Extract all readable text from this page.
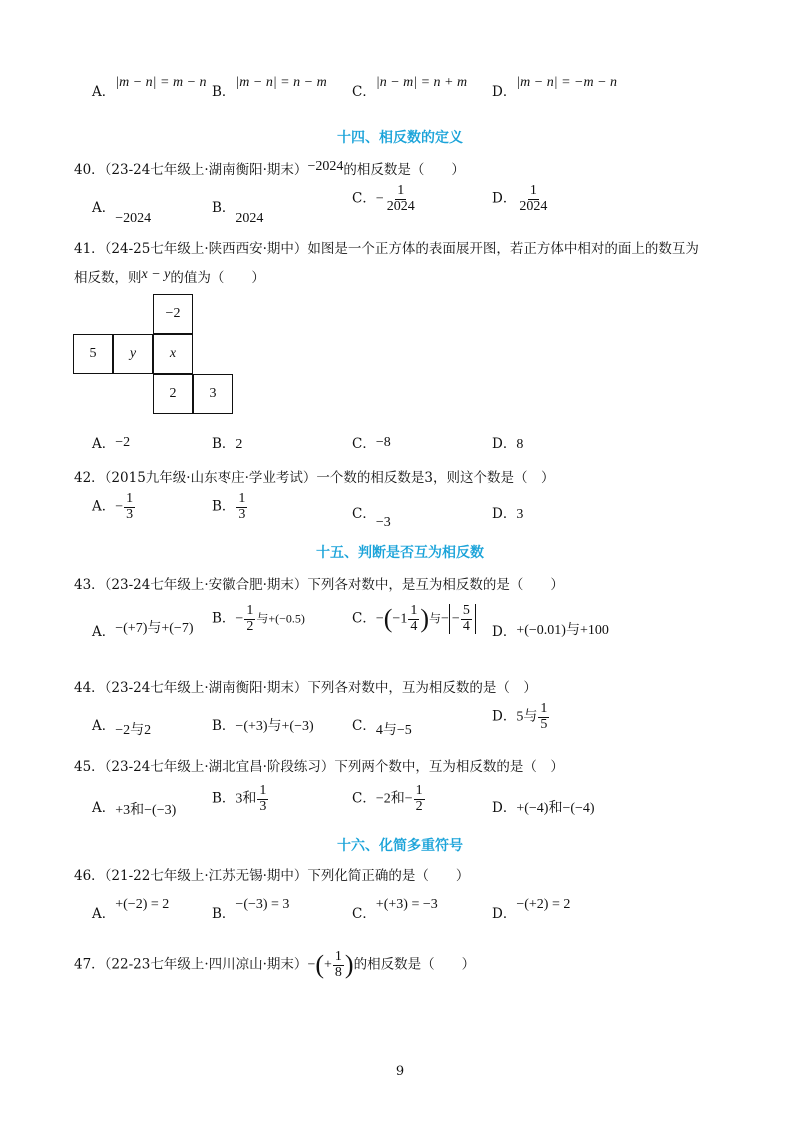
A．|m − n| = m − n
B．|m − n| = n − m
C．|n − m| = n + m
D．|m − n| = −m − n
十四、相反数的定义
40．（23-24七年级上·湖南衡阳·期末）−2024的相反数是（　　）
A．−2024
B．2024
C．− $\frac{1}{2024}$	D． $\frac{1}{2024}$
41．（24-25七年级上·陕西西安·期中）如图是一个正方体的表面展开图，若正方体中相对的面上的数互为
相反数，则x − y的值为（　　）
−2
5	y	x
2	3
A．−2	B．2	C．−8	D．8
42．（2015九年级·山东枣庄·学业考试）一个数的相反数是3，则这个数是（　）
A．− $\frac{1}{3}$	B． $\frac{1}{3}$	C．−3
D．3
十五、判断是否互为相反数
43．（23-24七年级上·安徽合肥·期末）下列各对数中，是互为相反数的是（　　）
A．−(+7)与+(−7)
B．− $\frac{1}{2}$ 与+(−0.5)	C．$-(-1 \frac{1}{4}$ )与− − $\frac{5}{4}$ D．+(−0.01)与+100
44．（23-24七年级上·湖南衡阳·期末）下列各对数中，互为相反数的是（　）
A．−2与2	B．−(+3)与+(−3)	C．4与−5
D．5与 $\frac{1}{5}$
45．（23-24七年级上·湖北宜昌·阶段练习）下列两个数中，互为相反数的是（　）
A．+3和−(−3)
B．3和 $\frac{1}{3}$	C．−2和− $\frac{1}{2}$	D．+(−4)和−(−4)
十六、化简多重符号
46．（21-22七年级上·江苏无锡·期中）下列化简正确的是（　　）
A．+(−2) = 2
B．−(−3) = 3
C．+(+3) = −3
D．−(+2) = 2
47．（22-23七年级上·四川凉山·期末）−(+ $\frac{1}{8}$ )的相反数是（　　）
9
